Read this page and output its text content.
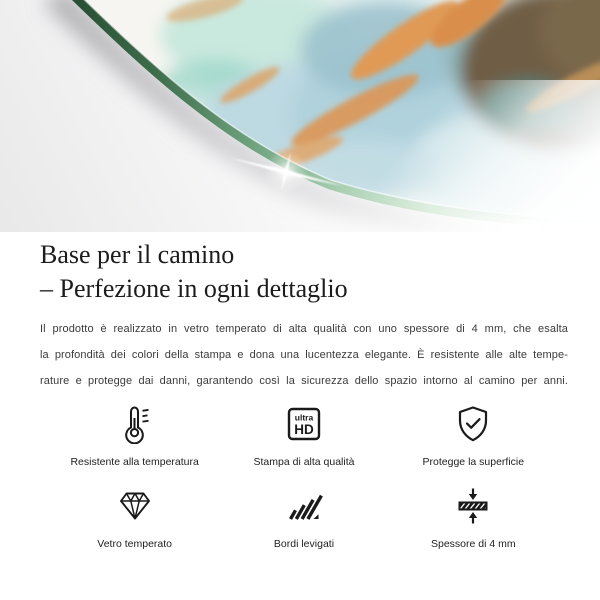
Base per il camino
– Perfezione in ogni dettaglio
Il prodotto è realizzato in vetro temperato di alta qualità con uno spessore di 4 mm, che esalta
la profondità dei colori della stampa e dona una lucentezza elegante. È resistente alle alte tempe-
rature e protegge dai danni, garantendo così la sicurezza dello spazio intorno al camino per anni.
Resistente alla temperatura
ultra
HD
Stampa di alta qualità	Protegge la superficie
Vetro temperato	Bordi levigati	Spessore di 4 mm
